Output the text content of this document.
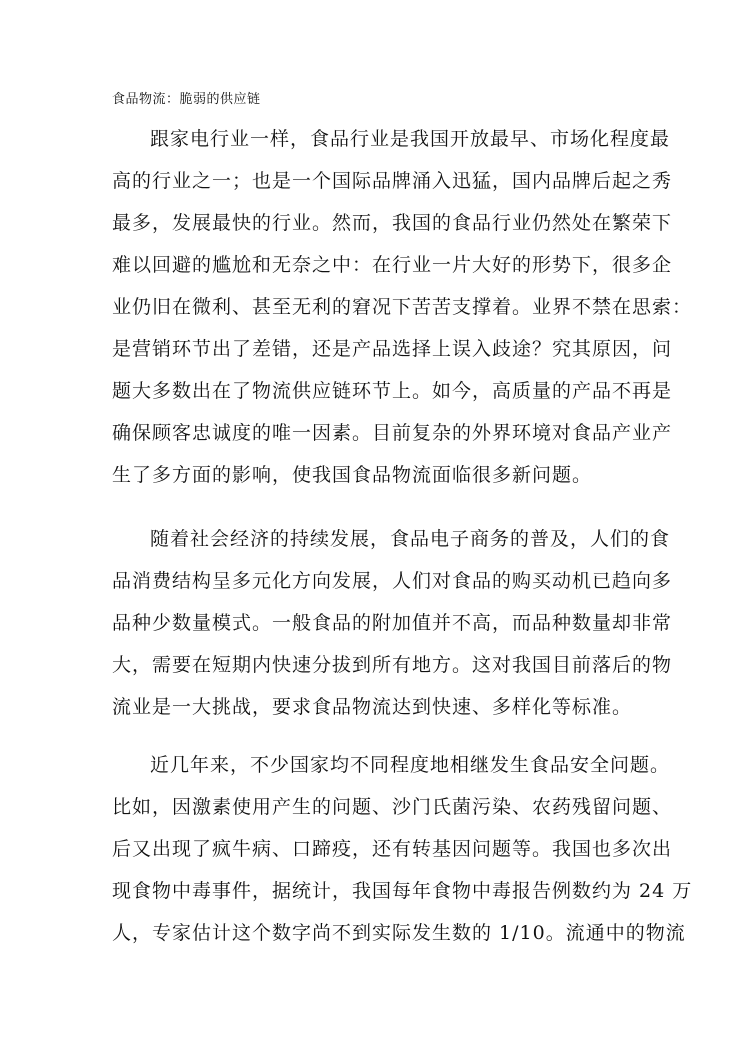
食品物流：脆弱的供应链
跟家电行业一样，食品行业是我国开放最早、市场化程度最
高的行业之一；也是一个国际品牌涌入迅猛，国内品牌后起之秀
最多，发展最快的行业。然而，我国的食品行业仍然处在繁荣下
难以回避的尴尬和无奈之中：在行业一片大好的形势下，很多企
业仍旧在微利、甚至无利的窘况下苦苦支撑着。业界不禁在思索：
是营销环节出了差错，还是产品选择上误入歧途？究其原因，问
题大多数出在了物流供应链环节上。如今，高质量的产品不再是
确保顾客忠诚度的唯一因素。目前复杂的外界环境对食品产业产
生了多方面的影响，使我国食品物流面临很多新问题。
随着社会经济的持续发展，食品电子商务的普及，人们的食
品消费结构呈多元化方向发展，人们对食品的购买动机已趋向多
品种少数量模式。一般食品的附加值并不高，而品种数量却非常
大，需要在短期内快速分拔到所有地方。这对我国目前落后的物
流业是一大挑战，要求食品物流达到快速、多样化等标准。
近几年来，不少国家均不同程度地相继发生食品安全问题。
比如，因激素使用产生的问题、沙门氏菌污染、农药残留问题、
后又出现了疯牛病、口蹄疫，还有转基因问题等。我国也多次出
现食物中毒事件，据统计，我国每年食物中毒报告例数约为 24 万
人，专家估计这个数字尚不到实际发生数的 1/10。流通中的物流
